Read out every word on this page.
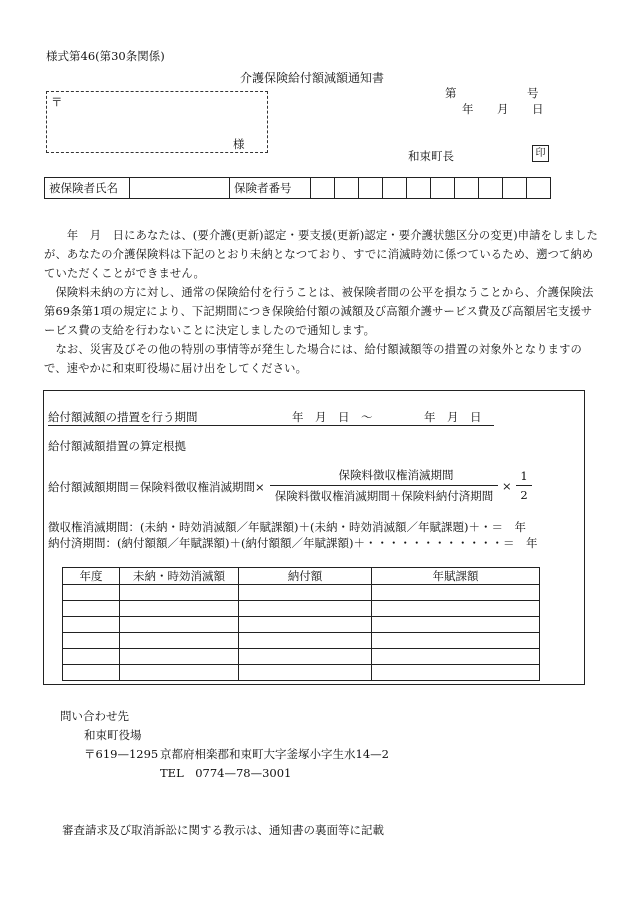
様式第46(第30条関係)
介護保険給付額減額通知書
第	号
年 月 日
〒
様
和束町長	印
被保険者氏名		保険者番号										

　　年　月　日にあなたは、(要介護(更新)認定・要支援(更新)認定・要介護状態区分の変更)申請をしましたが、あなたの介護保険料は下記のとおり未納となつており、すでに消滅時効に係つているため、遡つて納めていただくことができません。

　保険料未納の方に対し、通常の保険給付を行うことは、被保険者間の公平を損なうことから、介護保険法第69条第1項の規定により、下記期間につき保険給付額の減額及び高額介護サービス費及び高額居宅支援サービス費の支給を行わないことに決定しましたので通知します。

　なお、災害及びその他の特別の事情等が発生した場合には、給付額減額等の措置の対象外となりますので、速やかに和束町役場に届け出をしてください。

給付額減額の措置を行う期間	年　月　日　～	年　月　日
給付額減額措置の算定根拠
給付額減額期間＝保険料徴収権消滅期間×
保険料徴収権消滅期間
保険料徴収権消滅期間＋保険料納付済期間
×
1
2
徴収権消滅期間：(未納・時効消滅額／年賦課額)＋(未納・時効消滅額／年賦課題)＋・＝　年
納付済期間：(納付額額／年賦課額)＋(納付額額／年賦課額)＋・・・・・・・・・・・・＝　年
年度	未納・時効消滅額	納付額	年賦課額

問い合わせ先
和束町役場
〒619—1295 京都府相楽郡和束町大字釜塚小字生水14—2
TEL　0774—78—3001
審査請求及び取消訴訟に関する教示は、通知書の裏面等に記載
